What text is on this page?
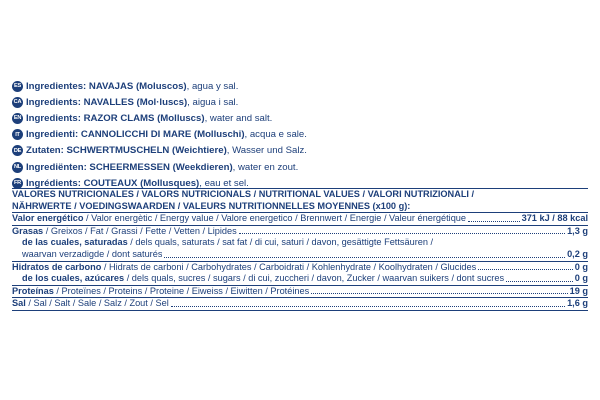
ES Ingredientes: NAVAJAS (Moluscos) , agua y sal.
CA Ingredients: NAVALLES (Mol·luscs) , aigua i sal.
EN Ingredients: RAZOR CLAMS (Molluscs) , water and salt.
IT Ingredienti: CANNOLICCHI DI MARE (Molluschi) , acqua e sale.
DE Zutaten: SCHWERTMUSCHELN (Weichtiere) , Wasser und Salz.
NL Ingrediënten: SCHEERMESSEN (Weekdieren) , water en zout.
FR Ingrédients: COUTEAUX (Mollusques) , eau et sel.
VALORES NUTRICIONALES / VALORS NUTRICIONALS / NUTRITIONAL VALUES / VALORI NUTRIZIONALI /
NÄHRWERTE / VOEDINGSWAARDEN / VALEURS NUTRITIONNELLES MOYENNES (x100 g):
Valor energético / Valor energètic / Energy value / Valore energetico / Brennwert / Energie / Valeur énergétique	371 kJ / 88 kcal
Grasas / Greixos / Fat / Grassi / Fette / Vetten / Lipides	1,3 g
de las cuales, saturadas / dels quals, saturats / sat fat / di cui, saturi / davon, gesättigte Fettsäuren /
waarvan verzadigde / dont saturés	0,2 g
Hidratos de carbono / Hidrats de carboni / Carbohydrates / Carboidrati / Kohlenhydrate / Koolhydraten / Glucides	0 g
de los cuales, azúcares / dels quals, sucres / sugars / di cui, zuccheri / davon, Zucker / waarvan suikers / dont sucres	0 g
Proteínas / Proteïnes / Proteins / Proteine / Eiweiss / Eiwitten / Protéines	19 g
Sal / Sal / Salt / Sale / Salz / Zout / Sel	1,6 g
